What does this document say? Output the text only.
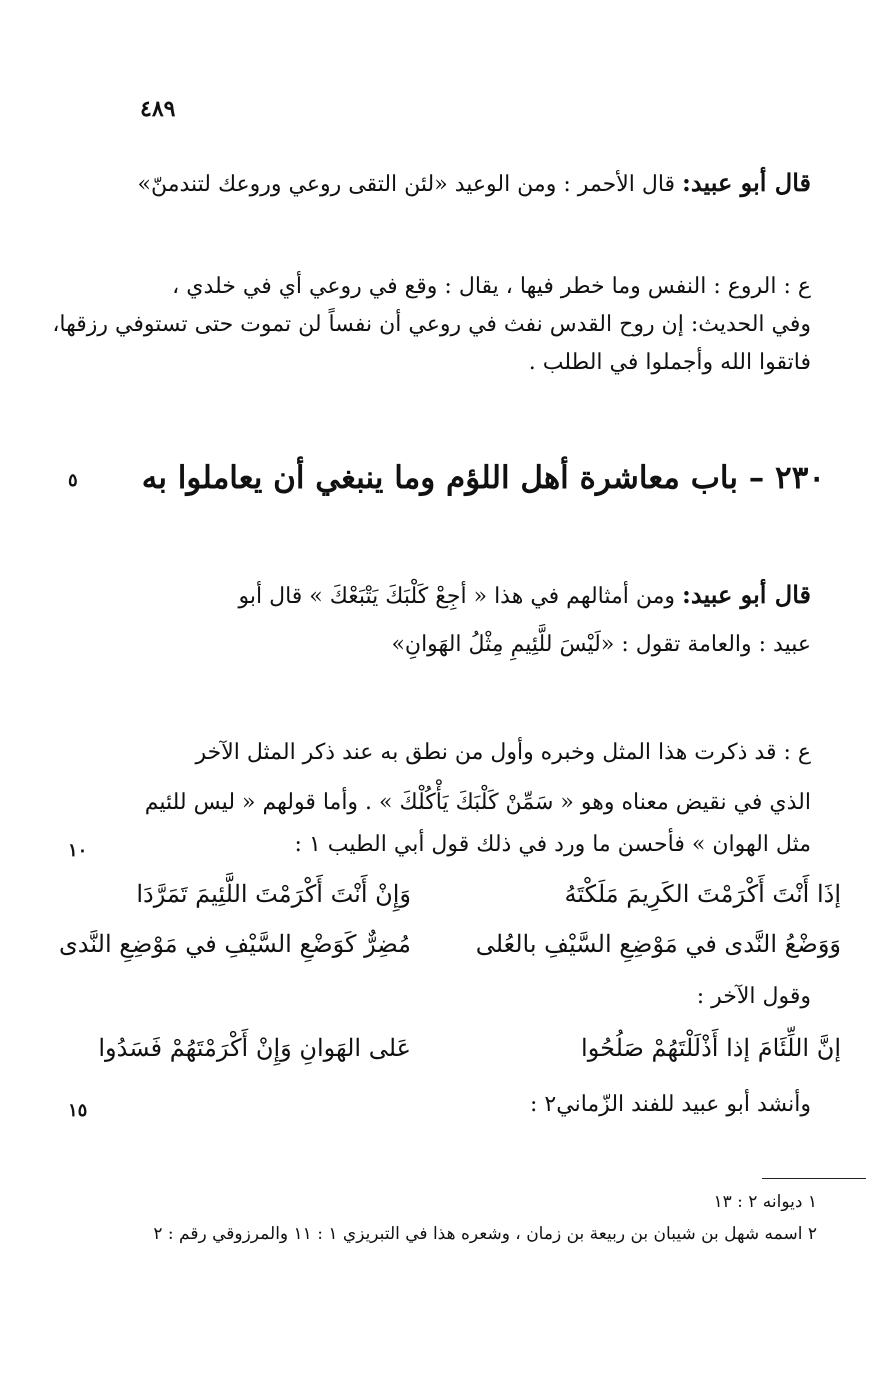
٤٨٩
قال أبو عبيد: قال الأحمر : ومن الوعيد «لئن التقى روعي وروعك لتندمنّ»
ع : الروع : النفس وما خطر فيها ، يقال : وقع في روعي أي في خلدي ،
وفي الحديث: إن روح القدس نفث في روعي أن نفساً لن تموت حتى تستوفي رزقها،
فاتقوا الله وأجملوا في الطلب .
٢٣٠ – باب معاشرة أهل اللؤم وما ينبغي أن يعاملوا به
٥
قال أبو عبيد: ومن أمثالهم في هذا « أجِعْ كَلْبَكَ يَتْبَعْكَ » قال أبو
عبيد : والعامة تقول : «لَيْسَ للَّئِيمِ مِثْلُ الهَوانِ»
ع : قد ذكرت هذا المثل وخبره وأول من نطق به عند ذكر المثل الآخر
الذي في نقيض معناه وهو « سَمِّنْ كَلْبَكَ يَأْكُلْكَ » . وأما قولهم « ليس للئيم
مثل الهوان » فأحسن ما ورد في ذلك قول أبي الطيب ١ :
١٠
إذَا أَنْتَ أَكْرَمْتَ الكَرِيمَ مَلَكْتَهُ
وَإِنْ أَنْتَ أَكْرَمْتَ اللَّئِيمَ تَمَرَّدَا
وَوَضْعُ النَّدى في مَوْضِعِ السَّيْفِ بالعُلى
مُضِرٌّ كَوَضْعِ السَّيْفِ في مَوْضِعِ النَّدى
وقول الآخر :
إنَّ اللِّئَامَ إذا أَذْلَلْتَهُمْ صَلُحُوا
عَلى الهَوانِ وَإِنْ أَكْرَمْتَهُمْ فَسَدُوا
وأنشد أبو عبيد للفند الزّماني٢ :
١٥
١ ديوانه ٢ : ١٣
٢ اسمه شهل بن شيبان بن ربيعة بن زمان ، وشعره هذا في التبريزي ١ : ١١ والمرزوقي رقم : ٢
